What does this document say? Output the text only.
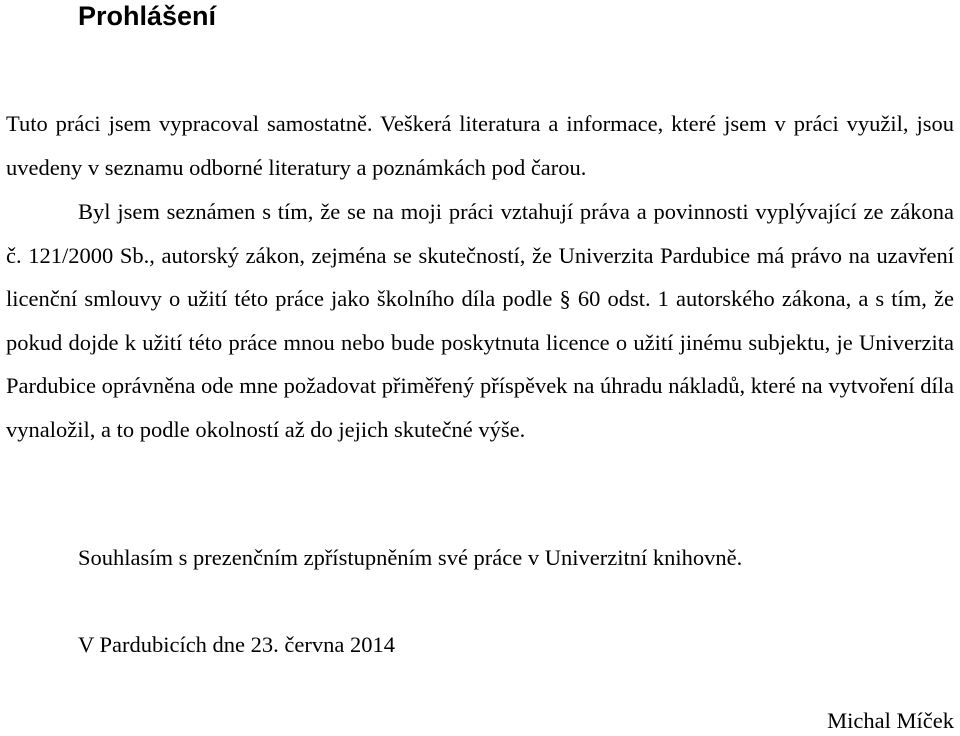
Prohlášení

Tuto práci jsem vypracoval samostatně. Veškerá literatura a informace, které jsem v práci využil, jsou uvedeny v seznamu odborné literatury a poznámkách pod čarou.

Byl jsem seznámen s tím, že se na moji práci vztahují práva a povinnosti vyplývající ze zákona č. 121/2000 Sb., autorský zákon, zejména se skutečností, že Univerzita Pardubice má právo na uzavření licenční smlouvy o užití této práce jako školního díla podle § 60 odst. 1 autorského zákona, a s tím, že pokud dojde k užití této práce mnou nebo bude poskytnuta licence o užití jinému subjektu, je Univerzita Pardubice oprávněna ode mne požadovat přiměřený příspěvek na úhradu nákladů, které na vytvoření díla vynaložil, a to podle okolností až do jejich skutečné výše.

Souhlasím s prezenčním zpřístupněním své práce v Univerzitní knihovně.

V Pardubicích dne 23. června 2014

Michal Míček
